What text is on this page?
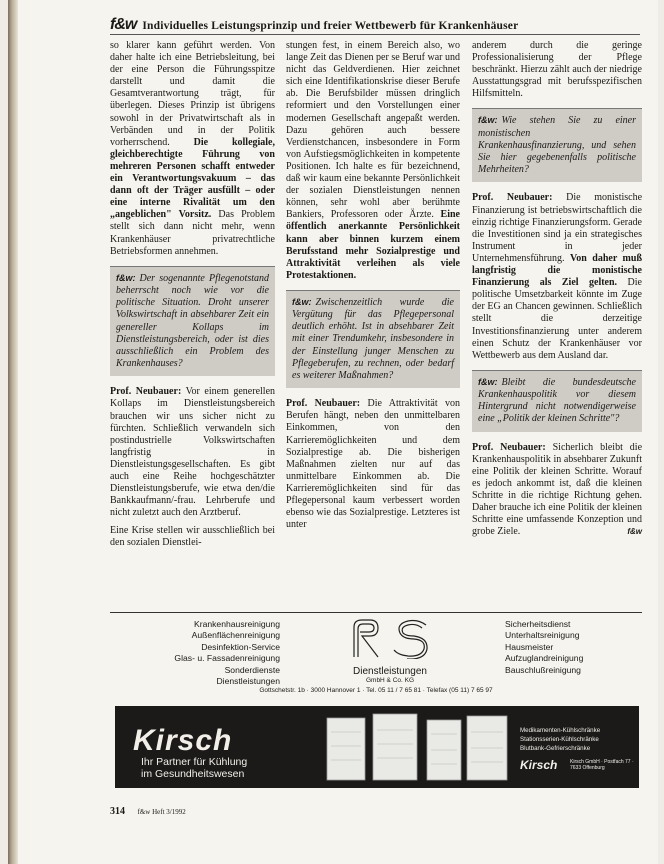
f&w Individuelles Leistungsprinzip und freier Wettbewerb für Krankenhäuser

so klarer kann geführt werden. Von daher halte ich eine Betriebsleitung, bei der eine Person die Führungsspitze darstellt und damit die Gesamtverantwortung trägt, für überlegen. Dieses Prinzip ist übrigens sowohl in der Privatwirtschaft als in Verbänden und in der Politik vorherrschend. Die kollegiale, gleichberechtigte Führung von mehreren Personen schafft entweder ein Verantwortungsvakuum – das dann oft der Träger ausfüllt – oder eine interne Rivalität um den „angeblichen" Vorsitz. Das Problem stellt sich dann nicht mehr, wenn Krankenhäuser privatrechtliche Betriebsformen annehmen.

f&w: Der sogenannte Pflegenotstand beherrscht noch wie vor die politische Situation. Droht unserer Volkswirtschaft in absehbarer Zeit ein genereller Kollaps im Dienstleistungsbereich, oder ist dies ausschließlich ein Problem des Krankenhauses?

Prof. Neubauer: Vor einem generellen Kollaps im Dienstleistungsbereich brauchen wir uns sicher nicht zu fürchten. Schließlich verwandeln sich postindustrielle Volkswirtschaften langfristig in Dienstleistungsgesellschaften. Es gibt auch eine Reihe hochgeschätzter Dienstleistungsberufe, wie etwa den/die Bankkaufmann/-frau. Lehrberufe und nicht zuletzt auch den Arztberuf.

Eine Krise stellen wir ausschließlich bei den sozialen Dienstlei-

stungen fest, in einem Bereich also, wo lange Zeit das Dienen per se Beruf war und nicht das Geldverdienen. Hier zeichnet sich eine Identifikationskrise dieser Berufe ab. Die Berufsbilder müssen dringlich reformiert und den Vorstellungen einer modernen Gesellschaft angepaßt werden. Dazu gehören auch bessere Verdienstchancen, insbesondere in Form von Aufstiegsmöglichkeiten in kompetente Positionen. Ich halte es für bezeichnend, daß wir kaum eine bekannte Persönlichkeit der sozialen Dienstleistungen nennen können, sehr wohl aber berühmte Bankiers, Professoren oder Ärzte. Eine öffentlich anerkannte Persönlichkeit kann aber binnen kurzem einem Berufsstand mehr Sozialprestige und Attraktivität verleihen als viele Protestaktionen.

f&w: Zwischenzeitlich wurde die Vergütung für das Pflegepersonal deutlich erhöht. Ist in absehbarer Zeit mit einer Trendumkehr, insbesondere in der Einstellung junger Menschen zu Pflegeberufen, zu rechnen, oder bedarf es weiterer Maßnahmen?

Prof. Neubauer: Die Attraktivität von Berufen hängt, neben den unmittelbaren Einkommen, von den Karrieremöglichkeiten und dem Sozialprestige ab. Die bisherigen Maßnahmen zielten nur auf das unmittelbare Einkommen ab. Die Karrieremöglichkeiten sind für das Pflegepersonal kaum verbessert worden ebenso wie das Sozialprestige. Letzteres ist unter

anderem durch die geringe Professionalisierung der Pflege beschränkt. Hierzu zählt auch der niedrige Ausstattungsgrad mit berufsspezifischen Hilfsmitteln.

f&w: Wie stehen Sie zu einer monistischen Krankenhausfinanzierung, und sehen Sie hier gegebenenfalls politische Mehrheiten?

Prof. Neubauer: Die monistische Finanzierung ist betriebswirtschaftlich die einzig richtige Finanzierungsform. Gerade die Investitionen sind ja ein strategisches Instrument in jeder Unternehmensführung. Von daher muß langfristig die monistische Finanzierung als Ziel gelten. Die politische Umsetzbarkeit könnte im Zuge der EG an Chancen gewinnen. Schließlich stellt die derzeitige Investitionsfinanzierung unter anderem einen Schutz der Krankenhäuser vor Wettbewerb aus dem Ausland dar.

f&w: Bleibt die bundesdeutsche Krankenhauspolitik vor diesem Hintergrund nicht notwendigerweise eine „Politik der kleinen Schritte"?

Prof. Neubauer: Sicherlich bleibt die Krankenhauspolitik in absehbarer Zukunft eine Politik der kleinen Schritte. Worauf es jedoch ankommt ist, daß die kleinen Schritte in die richtige Richtung gehen. Daher brauche ich eine Politik der kleinen Schritte eine umfassende Konzeption und grobe Ziele.	f&w

Krankenhausreinigung
Außenflächenreinigung
Desinfektion-Service
Glas- u. Fassadenreinigung
Sonderdienste
Dienstleistungen
Dienstleistungen
GmbH & Co. KG
Sicherheitsdienst
Unterhaltsreinigung
Hausmeister
Aufzuglandreinigung
Bauschlußreinigung
Gottschetstr. 1b · 3000 Hannover 1 · Tel. 05 11 / 7 65 81 · Telefax (05 11) 7 65 97
Kirsch
Ihr Partner für Kühlung
im Gesundheitswesen
Medikamenten-Kühlschränke
Stationsserien-Kühlschränke
Blutbank-Gefrierschränke
Kirsch	Kirsch GmbH · Postfach 77 · 7633 Offenburg
314 f&w Heft 3/1992
